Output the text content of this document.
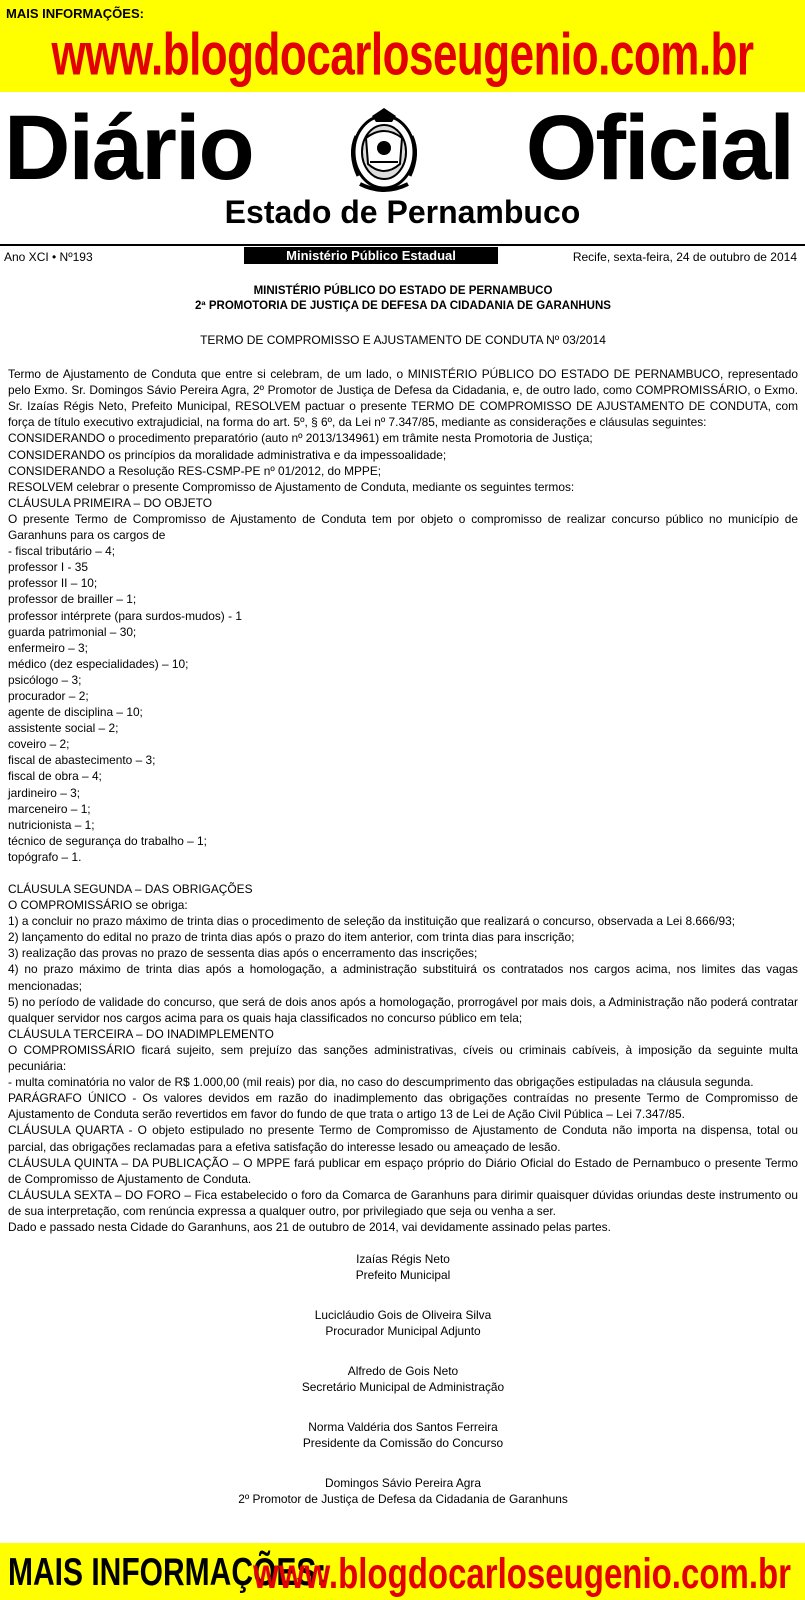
MAIS INFORMAÇÕES:
www.blogdocarloseugenio.com.br
Diário	Oficial
Estado de Pernambuco
Ano XCI • Nº193	Ministério Público Estadual	Recife, sexta-feira, 24 de outubro de 2014
MINISTÉRIO PÚBLICO DO ESTADO DE PERNAMBUCO
2ª PROMOTORIA DE JUSTIÇA DE DEFESA DA CIDADANIA DE GARANHUNS
TERMO DE COMPROMISSO E AJUSTAMENTO DE CONDUTA Nº 03/2014

Termo de Ajustamento de Conduta que entre si celebram, de um lado, o MINISTÉRIO PÚBLICO DO ESTADO DE PERNAMBUCO, representado pelo Exmo. Sr. Domingos Sávio Pereira Agra, 2º Promotor de Justiça de Defesa da Cidadania, e, de outro lado, como COMPROMISSÁRIO, o Exmo. Sr. Izaías Régis Neto, Prefeito Municipal, RESOLVEM pactuar o presente TERMO DE COMPROMISSO DE AJUSTAMENTO DE CONDUTA, com força de título executivo extrajudicial, na forma do art. 5º, § 6º, da Lei nº 7.347/85, mediante as considerações e cláusulas seguintes:

CONSIDERANDO o procedimento preparatório (auto nº 2013/134961) em trâmite nesta Promotoria de Justiça;

CONSIDERANDO os princípios da moralidade administrativa e da impessoalidade;

CONSIDERANDO a Resolução RES-CSMP-PE nº 01/2012, do MPPE;

RESOLVEM celebrar o presente Compromisso de Ajustamento de Conduta, mediante os seguintes termos:

CLÁUSULA PRIMEIRA – DO OBJETO

O presente Termo de Compromisso de Ajustamento de Conduta tem por objeto o compromisso de realizar concurso público no município de Garanhuns para os cargos de

- fiscal tributário – 4;

professor I - 35

professor II – 10;

professor de brailler – 1;

professor intérprete (para surdos-mudos) - 1

guarda patrimonial – 30;

enfermeiro – 3;

médico (dez especialidades) – 10;

psicólogo – 3;

procurador – 2;

agente de disciplina – 10;

assistente social – 2;

coveiro – 2;

fiscal de abastecimento – 3;

fiscal de obra – 4;

jardineiro – 3;

marceneiro – 1;

nutricionista – 1;

técnico de segurança do trabalho – 1;

topógrafo – 1.

CLÁUSULA SEGUNDA – DAS OBRIGAÇÕES

O COMPROMISSÁRIO se obriga:

1) a concluir no prazo máximo de trinta dias o procedimento de seleção da instituição que realizará o concurso, observada a Lei 8.666/93;

2) lançamento do edital no prazo de trinta dias após o prazo do item anterior, com trinta dias para inscrição;

3) realização das provas no prazo de sessenta dias após o encerramento das inscrições;

4) no prazo máximo de trinta dias após a homologação, a administração substituirá os contratados nos cargos acima, nos limites das vagas mencionadas;

5) no período de validade do concurso, que será de dois anos após a homologação, prorrogável por mais dois, a Administração não poderá contratar qualquer servidor nos cargos acima para os quais haja classificados no concurso público em tela;

CLÁUSULA TERCEIRA – DO INADIMPLEMENTO

O COMPROMISSÁRIO ficará sujeito, sem prejuízo das sanções administrativas, cíveis ou criminais cabíveis, à imposição da seguinte multa pecuniária:

- multa cominatória no valor de R$ 1.000,00 (mil reais) por dia, no caso do descumprimento das obrigações estipuladas na cláusula segunda.

PARÁGRAFO ÚNICO - Os valores devidos em razão do inadimplemento das obrigações contraídas no presente Termo de Compromisso de Ajustamento de Conduta serão revertidos em favor do fundo de que trata o artigo 13 de Lei de Ação Civil Pública – Lei 7.347/85.

CLÁUSULA QUARTA - O objeto estipulado no presente Termo de Compromisso de Ajustamento de Conduta não importa na dispensa, total ou parcial, das obrigações reclamadas para a efetiva satisfação do interesse lesado ou ameaçado de lesão.

CLÁUSULA QUINTA – DA PUBLICAÇÃO – O MPPE fará publicar em espaço próprio do Diário Oficial do Estado de Pernambuco o presente Termo de Compromisso de Ajustamento de Conduta.

CLÁUSULA SEXTA – DO FORO – Fica estabelecido o foro da Comarca de Garanhuns para dirimir quaisquer dúvidas oriundas deste instrumento ou de sua interpretação, com renúncia expressa a qualquer outro, por privilegiado que seja ou venha a ser.

Dado e passado nesta Cidade do Garanhuns, aos 21 de outubro de 2014, vai devidamente assinado pelas partes.

Izaías Régis Neto
Prefeito Municipal
Lucicláudio Gois de Oliveira Silva
Procurador Municipal Adjunto
Alfredo de Gois Neto
Secretário Municipal de Administração
Norma Valdéria dos Santos Ferreira
Presidente da Comissão do Concurso
Domingos Sávio Pereira Agra
2º Promotor de Justiça de Defesa da Cidadania de Garanhuns
MAIS INFORMAÇÕES:
www.blogdocarloseugenio.com.br
